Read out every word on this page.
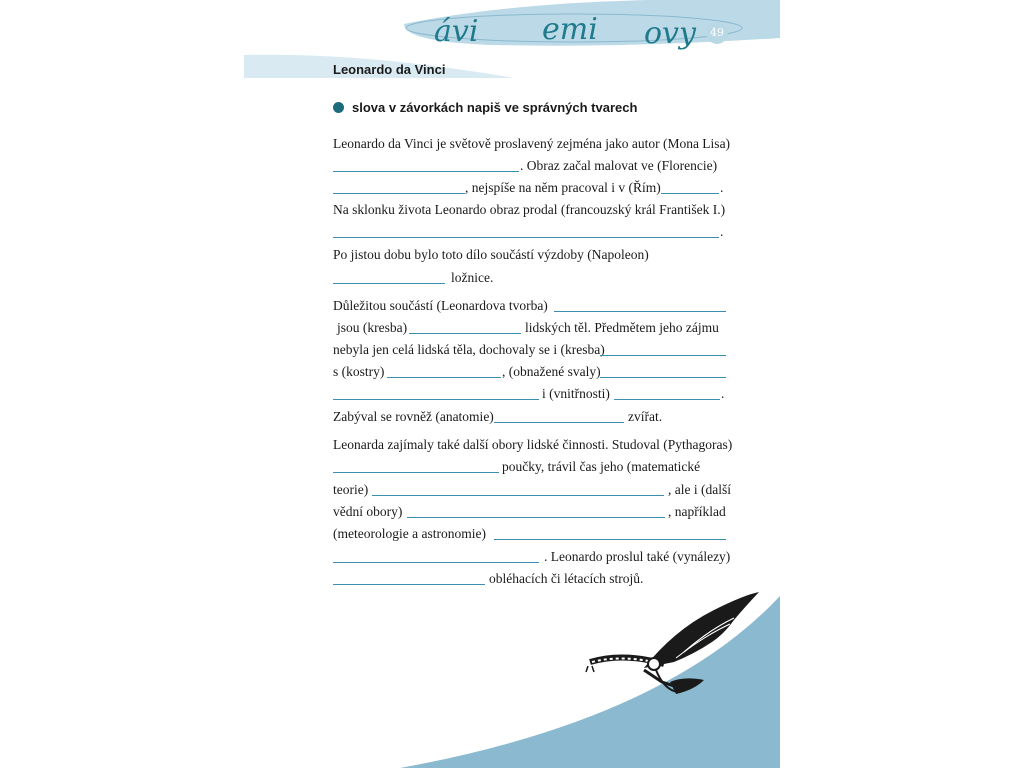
ávi emi ovy	49
Leonardo da Vinci
slova v závorkách napiš ve správných tvarech
Leonardo da Vinci je světově proslavený zejména jako autor (Mona Lisa)
. Obraz začal malovat ve (Florencie)
, nejspíše na něm pracoval i v (Řím)	.
Na sklonku života Leonardo obraz prodal (francouzský král František I.)
.
Po jistou dobu bylo toto dílo součástí výzdoby (Napoleon)
ložnice.
Důležitou součástí (Leonardova tvorba)
jsou (kresba)	lidských těl. Předmětem jeho zájmu
nebyla jen celá lidská těla, dochovaly se i (kresba)
s (kostry)	, (obnažené svaly)
i (vnitřnosti)	.
Zabýval se rovněž (anatomie)	zvířat.
Leonarda zajímaly také další obory lidské činnosti. Studoval (Pythagoras)
poučky, trávil čas jeho (matematické
teorie)	, ale i (další
vědní obory)	, například
(meteorologie a astronomie)
. Leonardo proslul také (vynálezy)
obléhacích či létacích strojů.
